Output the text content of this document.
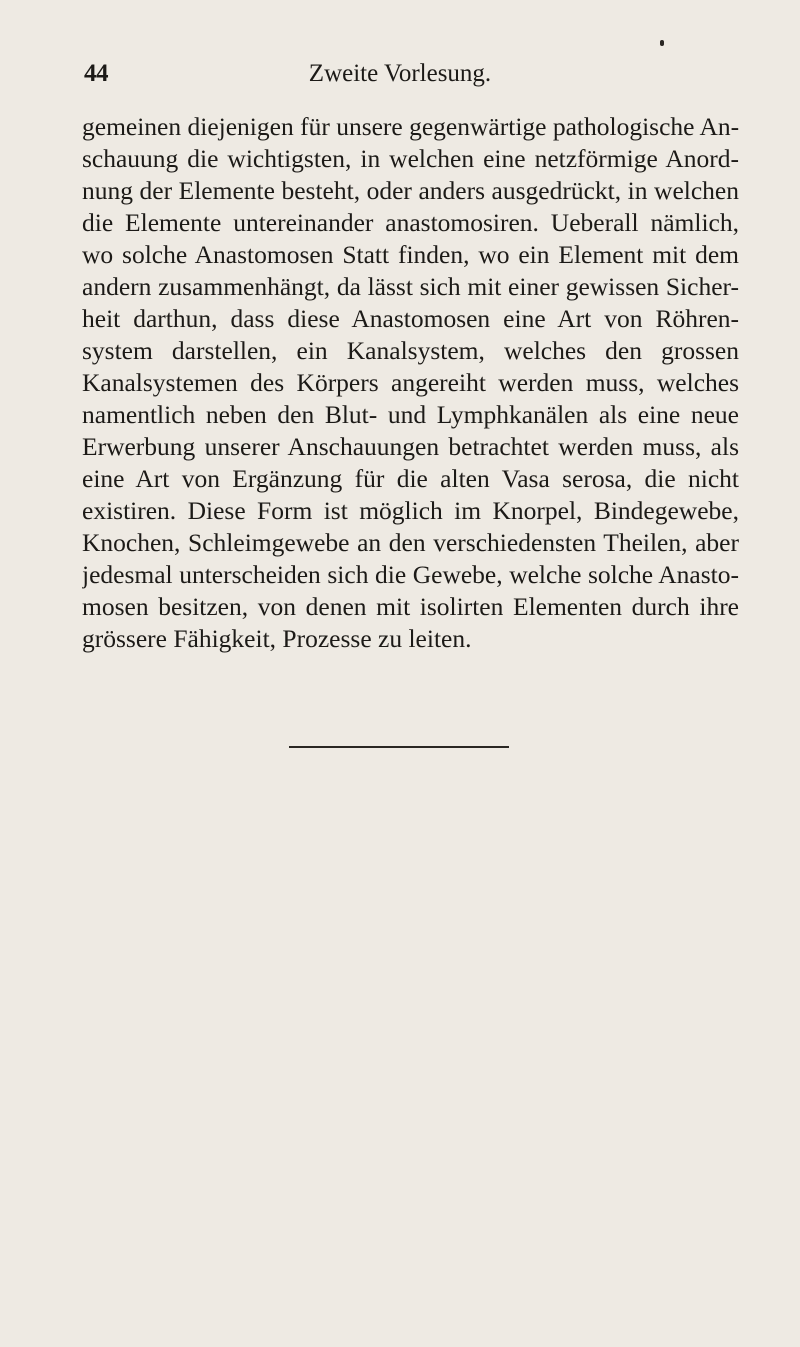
44	Zweite Vorlesung.
gemeinen diejenigen für unsere gegenwärtige pathologische An-
schauung die wichtigsten, in welchen eine netzförmige Anord-
nung der Elemente besteht, oder anders ausgedrückt, in welchen
die Elemente untereinander anastomosiren. Ueberall nämlich,
wo solche Anastomosen Statt finden, wo ein Element mit dem
andern zusammenhängt, da lässt sich mit einer gewissen Sicher-
heit darthun, dass diese Anastomosen eine Art von Röhren-
system darstellen, ein Kanalsystem, welches den grossen
Kanalsystemen des Körpers angereiht werden muss, welches
namentlich neben den Blut- und Lymphkanälen als eine neue
Erwerbung unserer Anschauungen betrachtet werden muss, als
eine Art von Ergänzung für die alten Vasa serosa, die nicht
existiren. Diese Form ist möglich im Knorpel, Bindegewebe,
Knochen, Schleimgewebe an den verschiedensten Theilen, aber
jedesmal unterscheiden sich die Gewebe, welche solche Anasto-
mosen besitzen, von denen mit isolirten Elementen durch ihre
grössere Fähigkeit, Prozesse zu leiten.
